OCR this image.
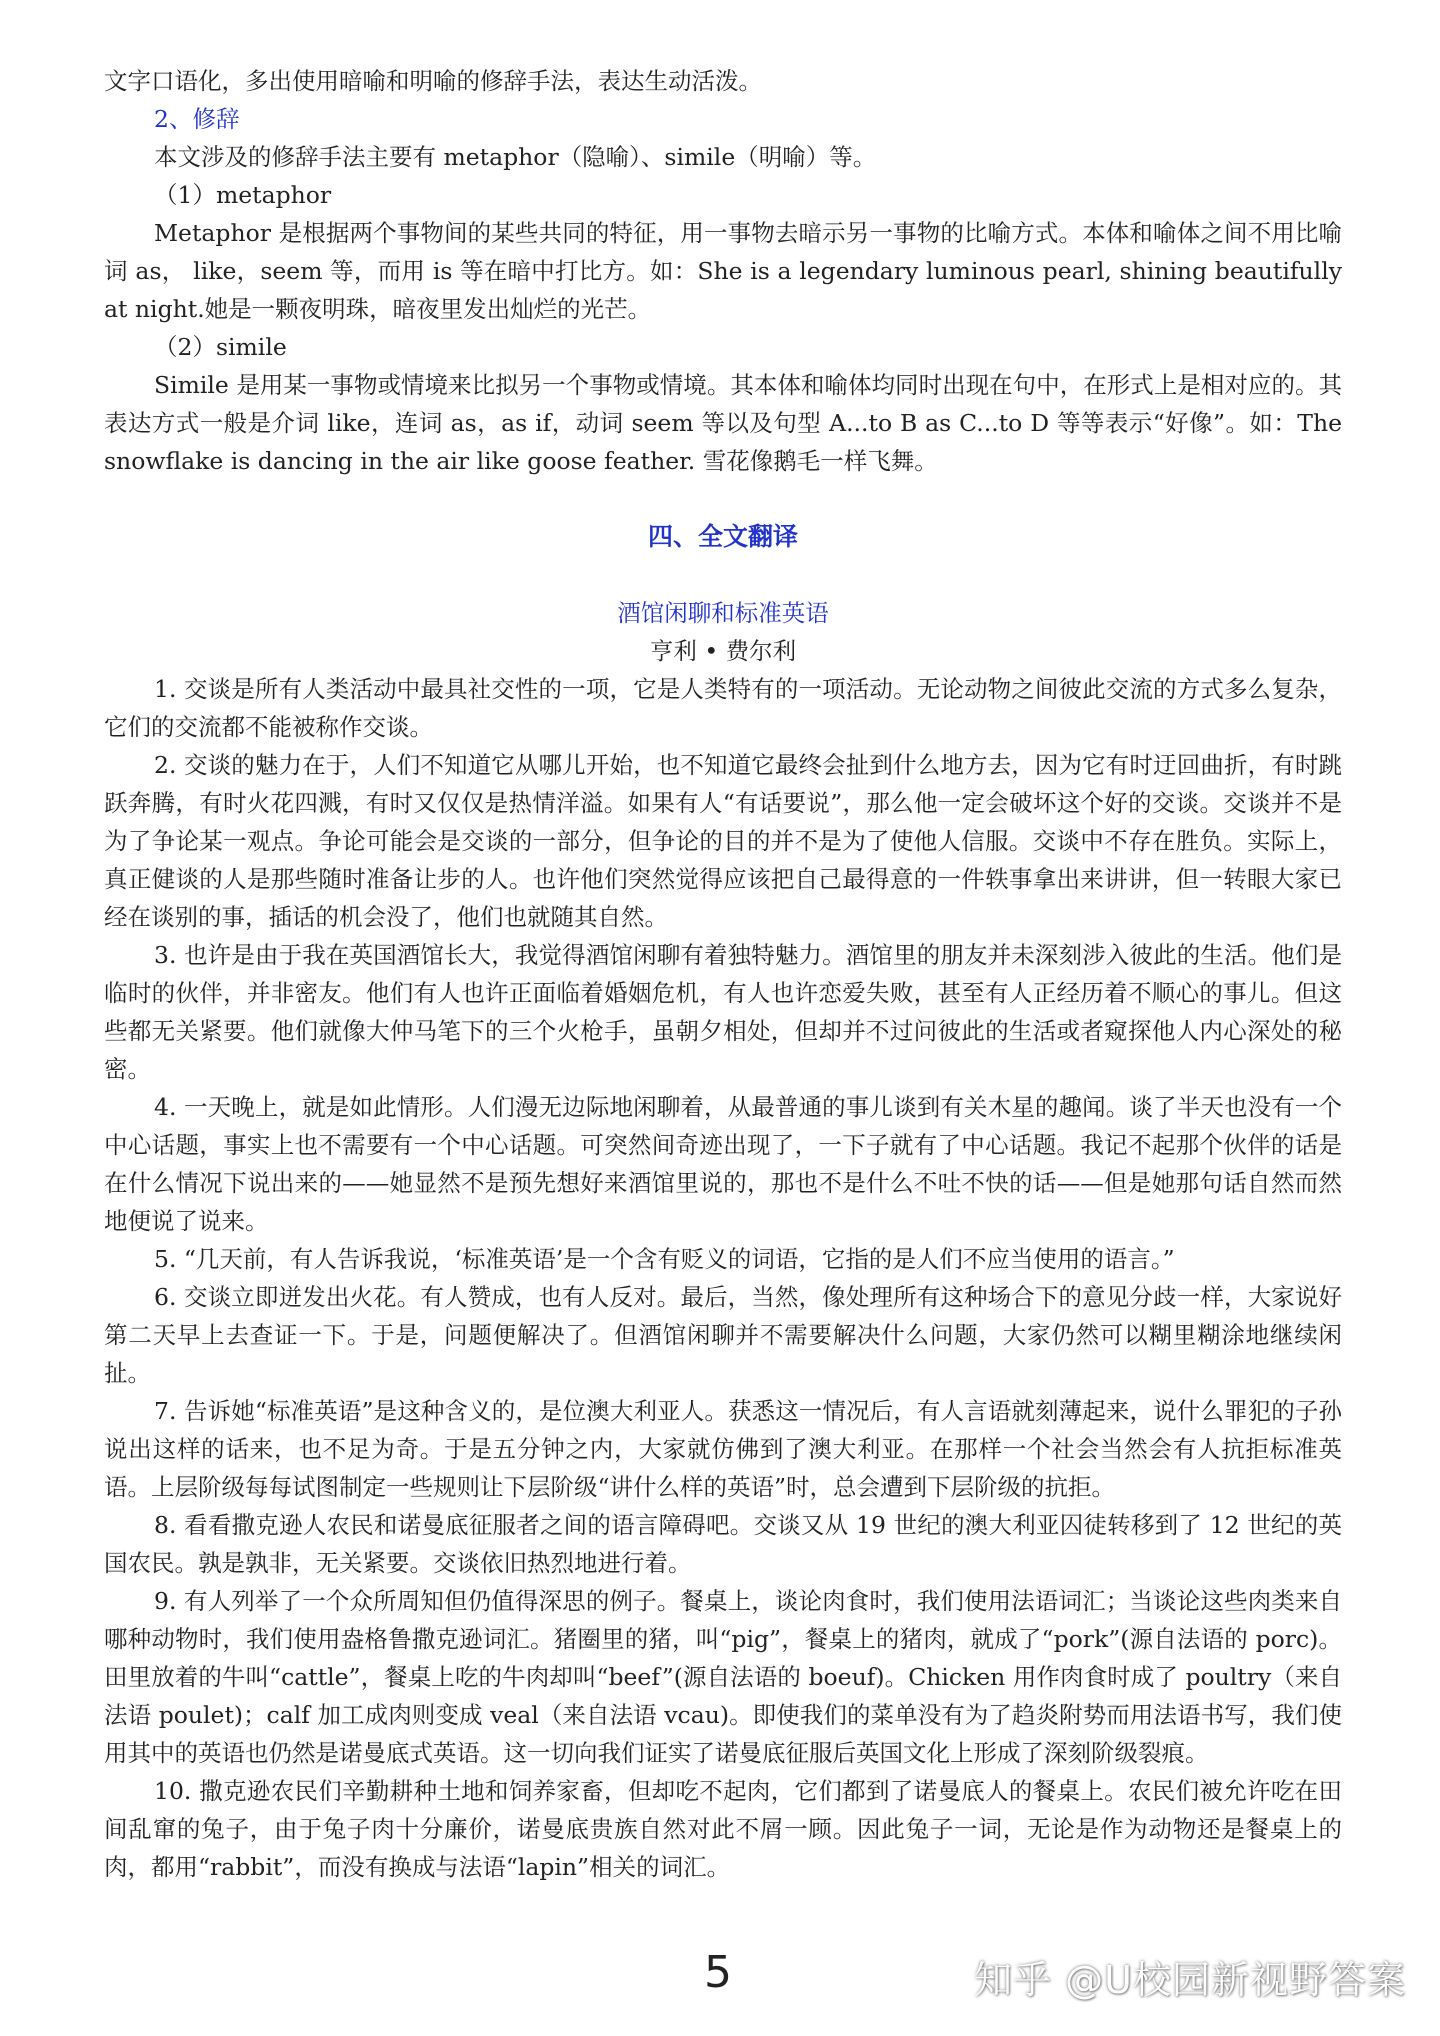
文字口语化，多出使用暗喻和明喻的修辞手法，表达生动活泼。

2、修辞

本文涉及的修辞手法主要有 metaphor（隐喻）、simile（明喻）等。

（1）metaphor

Metaphor 是根据两个事物间的某些共同的特征，用一事物去暗示另一事物的比喻方式。本体和喻体之间不用比喻词 as， like，seem 等，而用 is 等在暗中打比方。如：She is a legendary luminous pearl, shining beautifully at night.她是一颗夜明珠，暗夜里发出灿烂的光芒。

（2）simile

Simile 是用某一事物或情境来比拟另一个事物或情境。其本体和喻体均同时出现在句中，在形式上是相对应的。其表达方式一般是介词 like，连词 as，as if，动词 seem 等以及句型 A...to B as C...to D 等等表示“好像”。如：The snowflake is dancing in the air like goose feather. 雪花像鹅毛一样飞舞。

四、全文翻译
酒馆闲聊和标准英语
亨利 • 费尔利

1. 交谈是所有人类活动中最具社交性的一项，它是人类特有的一项活动。无论动物之间彼此交流的方式多么复杂，它们的交流都不能被称作交谈。

2. 交谈的魅力在于，人们不知道它从哪儿开始，也不知道它最终会扯到什么地方去，因为它有时迂回曲折，有时跳跃奔腾，有时火花四溅，有时又仅仅是热情洋溢。如果有人“有话要说”，那么他一定会破坏这个好的交谈。交谈并不是为了争论某一观点。争论可能会是交谈的一部分，但争论的目的并不是为了使他人信服。交谈中不存在胜负。实际上，真正健谈的人是那些随时准备让步的人。也许他们突然觉得应该把自己最得意的一件轶事拿出来讲讲，但一转眼大家已经在谈别的事，插话的机会没了，他们也就随其自然。

3. 也许是由于我在英国酒馆长大，我觉得酒馆闲聊有着独特魅力。酒馆里的朋友并未深刻涉入彼此的生活。他们是临时的伙伴，并非密友。他们有人也许正面临着婚姻危机，有人也许恋爱失败，甚至有人正经历着不顺心的事儿。但这些都无关紧要。他们就像大仲马笔下的三个火枪手，虽朝夕相处，但却并不过问彼此的生活或者窥探他人内心深处的秘密。

4. 一天晚上，就是如此情形。人们漫无边际地闲聊着，从最普通的事儿谈到有关木星的趣闻。谈了半天也没有一个中心话题，事实上也不需要有一个中心话题。可突然间奇迹出现了，一下子就有了中心话题。我记不起那个伙伴的话是在什么情况下说出来的——她显然不是预先想好来酒馆里说的，那也不是什么不吐不快的话——但是她那句话自然而然地便说了说来。

5. “几天前，有人告诉我说，‘标准英语’是一个含有贬义的词语，它指的是人们不应当使用的语言。”

6. 交谈立即迸发出火花。有人赞成，也有人反对。最后，当然，像处理所有这种场合下的意见分歧一样，大家说好第二天早上去查证一下。于是，问题便解决了。但酒馆闲聊并不需要解决什么问题，大家仍然可以糊里糊涂地继续闲扯。

7. 告诉她“标准英语”是这种含义的，是位澳大利亚人。获悉这一情况后，有人言语就刻薄起来，说什么罪犯的子孙说出这样的话来，也不足为奇。于是五分钟之内，大家就仿佛到了澳大利亚。在那样一个社会当然会有人抗拒标准英语。上层阶级每每试图制定一些规则让下层阶级“讲什么样的英语”时，总会遭到下层阶级的抗拒。

8. 看看撒克逊人农民和诺曼底征服者之间的语言障碍吧。交谈又从 19 世纪的澳大利亚囚徒转移到了 12 世纪的英国农民。孰是孰非，无关紧要。交谈依旧热烈地进行着。

9. 有人列举了一个众所周知但仍值得深思的例子。餐桌上，谈论肉食时，我们使用法语词汇；当谈论这些肉类来自哪种动物时，我们使用盎格鲁撒克逊词汇。猪圈里的猪，叫“pig”，餐桌上的猪肉，就成了“pork”(源自法语的 porc)。田里放着的牛叫“cattle”，餐桌上吃的牛肉却叫“beef”(源自法语的 boeuf)。Chicken 用作肉食时成了 poultry（来自法语 poulet)；calf 加工成肉则变成 veal（来自法语 vcau)。即使我们的菜单没有为了趋炎附势而用法语书写，我们使用其中的英语也仍然是诺曼底式英语。这一切向我们证实了诺曼底征服后英国文化上形成了深刻阶级裂痕。

10. 撒克逊农民们辛勤耕种土地和饲养家畜，但却吃不起肉，它们都到了诺曼底人的餐桌上。农民们被允许吃在田间乱窜的兔子，由于兔子肉十分廉价，诺曼底贵族自然对此不屑一顾。因此兔子一词，无论是作为动物还是餐桌上的肉，都用“rabbit”，而没有换成与法语“lapin”相关的词汇。

5	知乎 @U校园新视野答案
